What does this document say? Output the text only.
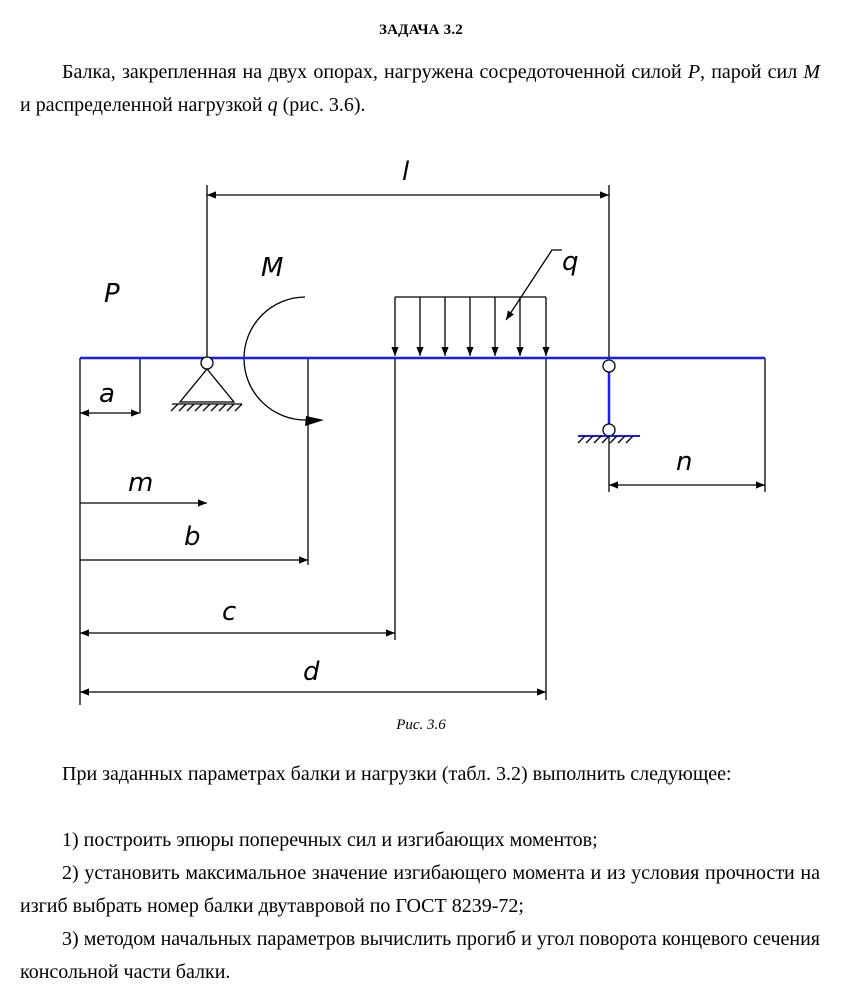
ЗАДАЧА 3.2
Балка, закрепленная на двух опорах, нагружена сосредоточенной силой P, парой сил M и распределенной нагрузкой q (рис. 3.6).
l
M
P
q
a
m
b
c
d
n
Рис. 3.6
При заданных параметрах балки и нагрузки (табл. 3.2) выполнить следующее:
1) построить эпюры поперечных сил и изгибающих моментов;
2) установить максимальное значение изгибающего момента и из условия прочности на изгиб выбрать номер балки двутавровой по ГОСТ 8239-72;
3) методом начальных параметров вычислить прогиб и угол поворота концевого сечения консольной части балки.
